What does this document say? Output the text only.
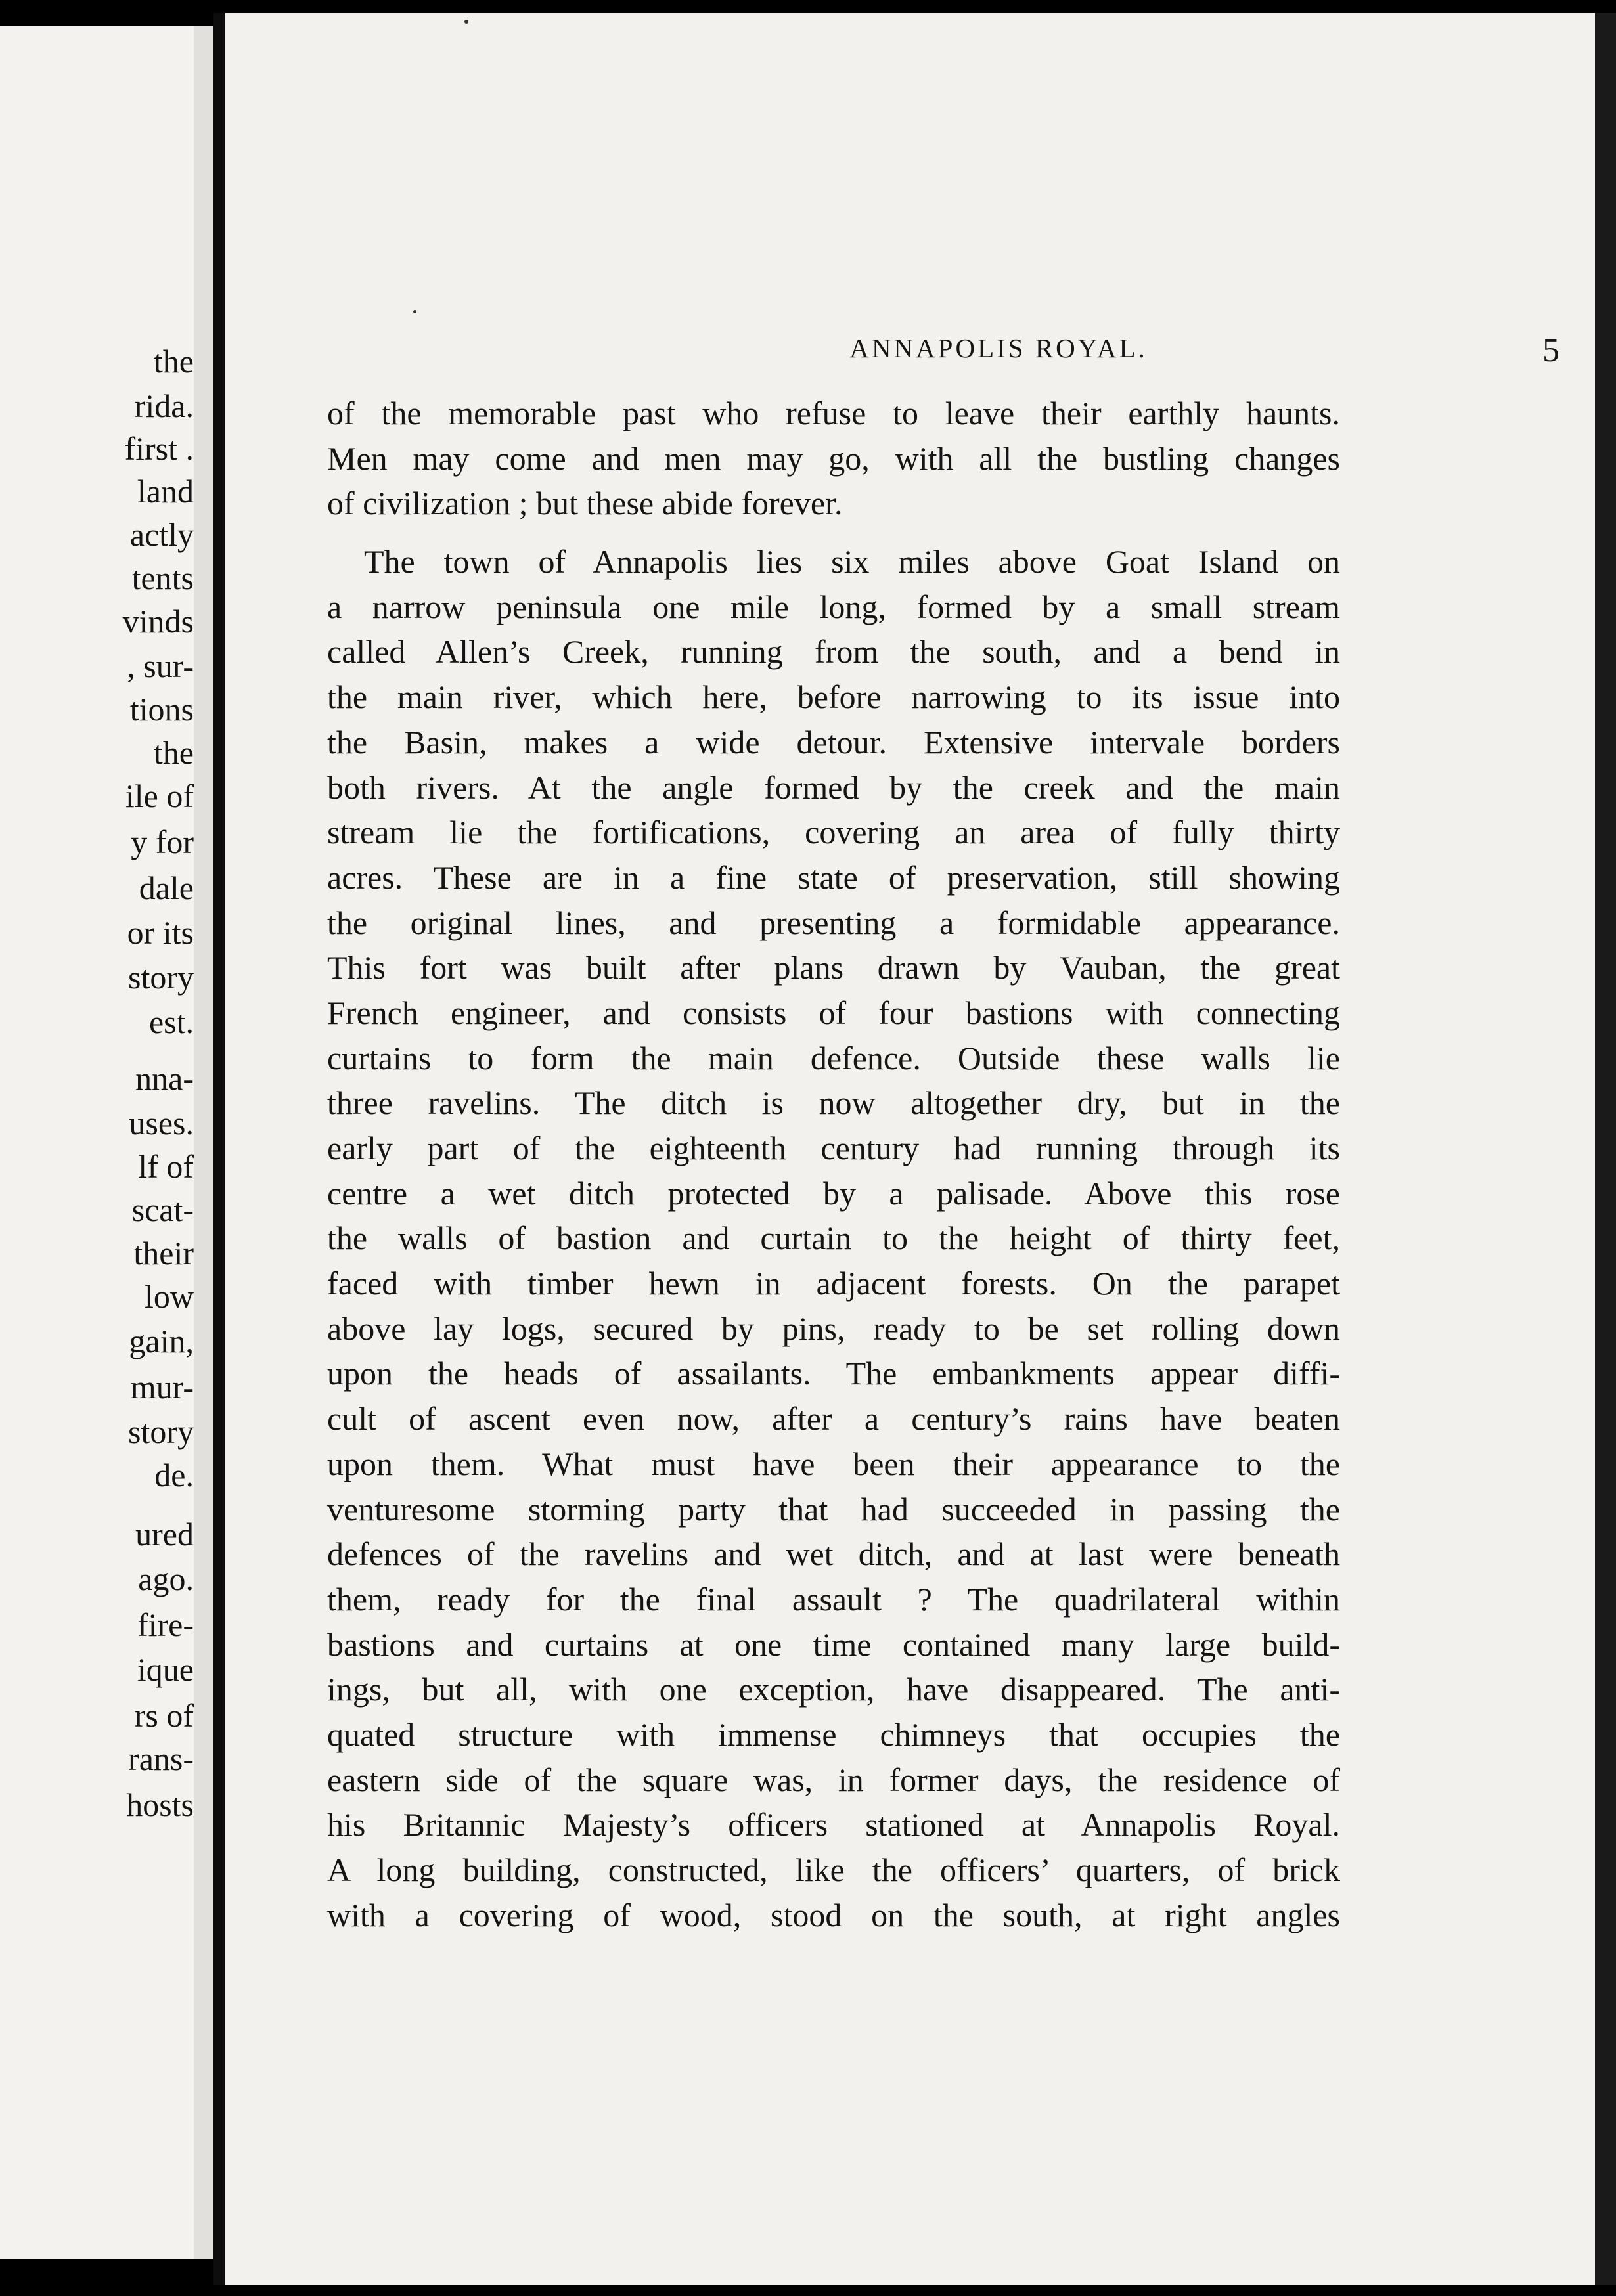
the
rida.
first .
land
actly
tents
vinds
, sur-
tions
the
ile of
y for
dale
or its
story
est.
nna-
uses.
lf of
scat-
their
low
gain,
mur-
story
de.
ured
ago.
fire-
ique
rs of
rans-
hosts
ANNAPOLIS ROYAL.	5
of the memorable past who refuse to leave their earthly haunts.
Men may come and men may go, with all the bustling changes
of civilization ; but these abide forever.
The town of Annapolis lies six miles above Goat Island on
a narrow peninsula one mile long, formed by a small stream
called Allen’s Creek, running from the south, and a bend in
the main river, which here, before narrowing to its issue into
the Basin, makes a wide detour. Extensive intervale borders
both rivers. At the angle formed by the creek and the main
stream lie the fortifications, covering an area of fully thirty
acres. These are in a fine state of preservation, still showing
the original lines, and presenting a formidable appearance.
This fort was built after plans drawn by Vauban, the great
French engineer, and consists of four bastions with connecting
curtains to form the main defence. Outside these walls lie
three ravelins. The ditch is now altogether dry, but in the
early part of the eighteenth century had running through its
centre a wet ditch protected by a palisade. Above this rose
the walls of bastion and curtain to the height of thirty feet,
faced with timber hewn in adjacent forests. On the parapet
above lay logs, secured by pins, ready to be set rolling down
upon the heads of assailants. The embankments appear diffi-
cult of ascent even now, after a century’s rains have beaten
upon them. What must have been their appearance to the
venturesome storming party that had succeeded in passing the
defences of the ravelins and wet ditch, and at last were beneath
them, ready for the final assault ? The quadrilateral within
bastions and curtains at one time contained many large build-
ings, but all, with one exception, have disappeared. The anti-
quated structure with immense chimneys that occupies the
eastern side of the square was, in former days, the residence of
his Britannic Majesty’s officers stationed at Annapolis Royal.
A long building, constructed, like the officers’ quarters, of brick
with a covering of wood, stood on the south, at right angles
